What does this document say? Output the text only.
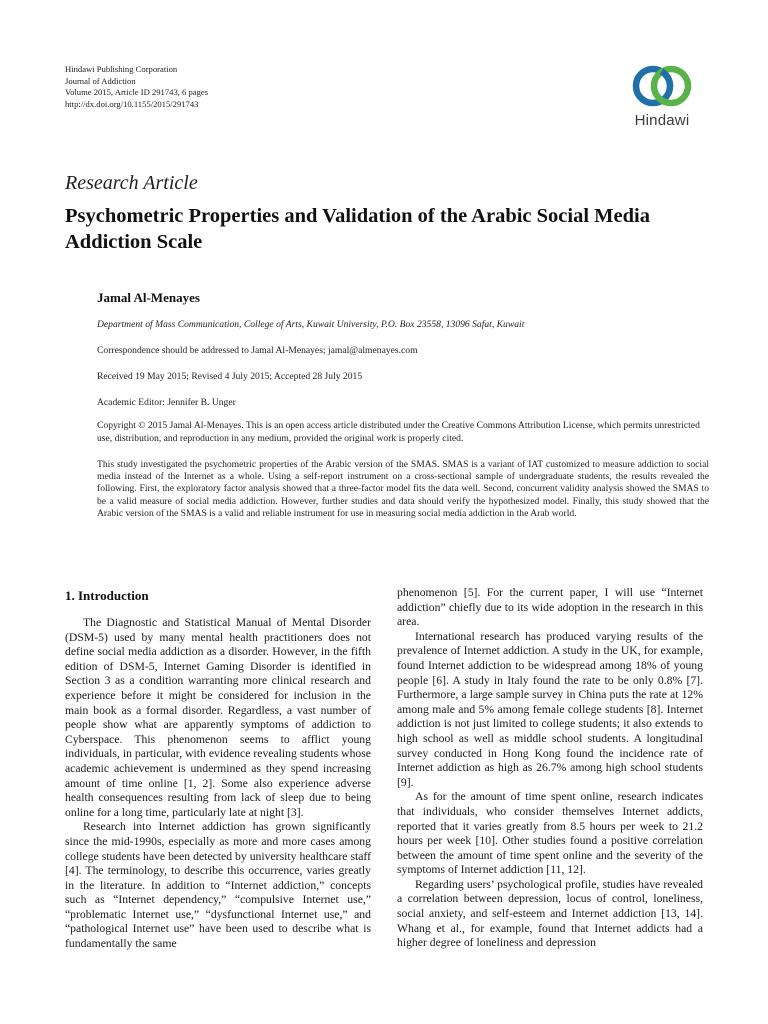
Hindawi Publishing Corporation
Journal of Addiction
Volume 2015, Article ID 291743, 6 pages
http://dx.doi.org/10.1155/2015/291743
Hindawi
Research Article
Psychometric Properties and Validation of the Arabic Social Media Addiction Scale
Jamal Al-Menayes
Department of Mass Communication, College of Arts, Kuwait University, P.O. Box 23558, 13096 Safat, Kuwait
Correspondence should be addressed to Jamal Al-Menayes; jamal@almenayes.com
Received 19 May 2015; Revised 4 July 2015; Accepted 28 July 2015
Academic Editor: Jennifer B. Unger
Copyright © 2015 Jamal Al-Menayes. This is an open access article distributed under the Creative Commons Attribution License, which permits unrestricted use, distribution, and reproduction in any medium, provided the original work is properly cited.
This study investigated the psychometric properties of the Arabic version of the SMAS. SMAS is a variant of IAT customized to measure addiction to social media instead of the Internet as a whole. Using a self-report instrument on a cross-sectional sample of undergraduate students, the results revealed the following. First, the exploratory factor analysis showed that a three-factor model fits the data well. Second, concurrent validity analysis showed the SMAS to be a valid measure of social media addiction. However, further studies and data should verify the hypothesized model. Finally, this study showed that the Arabic version of the SMAS is a valid and reliable instrument for use in measuring social media addiction in the Arab world.
1. Introduction

The Diagnostic and Statistical Manual of Mental Disorder (DSM-5) used by many mental health practitioners does not define social media addiction as a disorder. However, in the fifth edition of DSM-5, Internet Gaming Disorder is identified in Section 3 as a condition warranting more clinical research and experience before it might be considered for inclusion in the main book as a formal disorder. Regardless, a vast number of people show what are apparently symptoms of addiction to Cyberspace. This phenomenon seems to afflict young individuals, in particular, with evidence revealing students whose academic achievement is undermined as they spend increasing amount of time online [1, 2]. Some also experience adverse health consequences resulting from lack of sleep due to being online for a long time, particularly late at night [3].

Research into Internet addiction has grown significantly since the mid-1990s, especially as more and more cases among college students have been detected by university healthcare staff [4]. The terminology, to describe this occurrence, varies greatly in the literature. In addition to “Internet addiction,” concepts such as “Internet dependency,” “compulsive Internet use,” “problematic Internet use,” “dysfunctional Internet use,” and “pathological Internet use” have been used to describe what is fundamentally the same

phenomenon [5]. For the current paper, I will use “Internet addiction” chiefly due to its wide adoption in the research in this area.

International research has produced varying results of the prevalence of Internet addiction. A study in the UK, for example, found Internet addiction to be widespread among 18% of young people [6]. A study in Italy found the rate to be only 0.8% [7]. Furthermore, a large sample survey in China puts the rate at 12% among male and 5% among female college students [8]. Internet addiction is not just limited to college students; it also extends to high school as well as middle school students. A longitudinal survey conducted in Hong Kong found the incidence rate of Internet addiction as high as 26.7% among high school students [9].

As for the amount of time spent online, research indicates that individuals, who consider themselves Internet addicts, reported that it varies greatly from 8.5 hours per week to 21.2 hours per week [10]. Other studies found a positive correlation between the amount of time spent online and the severity of the symptoms of Internet addiction [11, 12].

Regarding users’ psychological profile, studies have revealed a correlation between depression, locus of control, loneliness, social anxiety, and self-esteem and Internet addiction [13, 14]. Whang et al., for example, found that Internet addicts had a higher degree of loneliness and depression
